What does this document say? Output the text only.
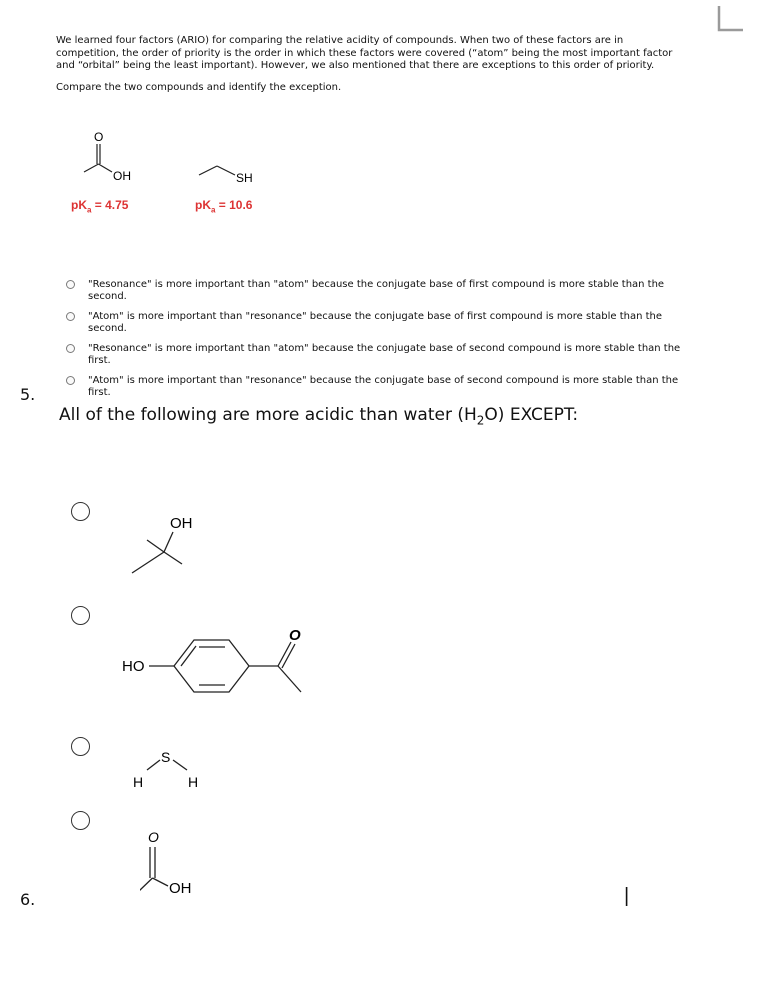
We learned four factors (ARIO) for comparing the relative acidity of compounds. When two of these factors are in competition, the order of priority is the order in which these factors were covered (“atom” being the most important factor and “orbital” being the least important). However, we also mentioned that there are exceptions to this order of priority.
Compare the two compounds and identify the exception.
O
OH
$pK_a = 4.75$
SH
$pK_a = 10.6$
"Resonance" is more important than "atom" because the conjugate base of first compound is more stable than the second.
"Atom" is more important than "resonance" because the conjugate base of first compound is more stable than the second.
"Resonance" is more important than "atom" because the conjugate base of second compound is more stable than the first.
"Atom" is more important than "resonance" because the conjugate base of second compound is more stable than the first.
5.
All of the following are more acidic than water $(H_2O)$ EXCEPT:
OH
HO
O
S
H	H
O
OH
6.	|
